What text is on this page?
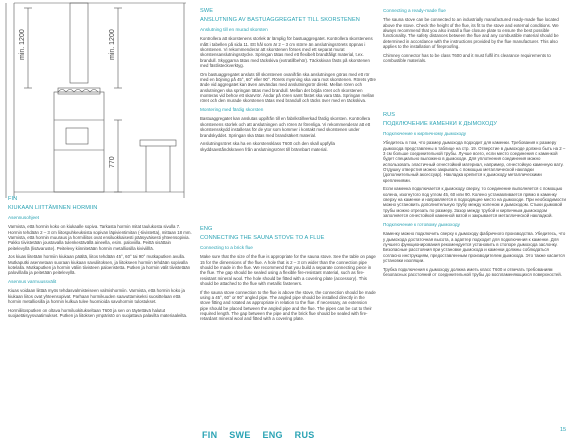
min. 1200	min. 1200
770

FIN

KIUKAAN LIITTÄMINEN HORMIIN

Asennusohjeet

Varmista, että hormin koko on kiukaalle sopiva. Tarkasta hormin mitat taulukosta sivulla 7. Hormin tehdään 2 – 3 cm liitospuhkeuksista sopivan läpivientimitan (-tiivistetta), mittaan 18 mm. Varmista, että hormin muuraus ja hormiliitos ovat ensiluokkaisesti pääsyväisesti yhteensopivia. Pakko tiivistetään joustavalla tulenkestävällä aineella, esim. paloviilla. Peittä sisättain peitelevyllä (lisävaruste). Peitelevy kiinnitetään hormin metalliosilla kiviviilllä.

Jos kiuas liitetään hormiin kiukaan päältä, liitos tehdään 45°, 60° tai 90° mutkaputken avulla. Mutkaputki asennetaan suoraan kiukaan savuliitoksen, ja liitokseen hormiin tehdään sopivalla kotelalla. Mutkaputken ja hormin väliin tiivisteen paloeristetta. Putken ja hormin välit tiivistetään palovillalla ja peitetään peitelevyllä.

Asennus varmuussvälit

Kiuas voidaan liittää myös tehdasvalmisteiseen valmishormiin. Varmista, että hormin koko ja kiukaan liitos ovat yhteensopivat. Parhaan hormikuuden saavuttamiseksi suosittelaan että hormin metalliosilla ja hormin kulkua tulee huomioida savuhormin tulostukset.

Hormiliitosputken on oltava hormiluokitukseltaan T600 ja sen on täytettävä halutut suojaetäisyysvaatimukset. Putken ja liitoksen ympäristö on suojattava palavilta materiaaleilta.

SWE

ANSLUTNING AV BASTUAGGREGATET TILL SKORSTENEN

Anslutning till en murad skorsten

Kontrollera att skorstenens storlek är lämplig för bastuaggregatet. Kontrollera skorstenens mått i tabellen på sida 11. Ett hål som är 2 – 3 cm större än anslutningsrörets öppnas i skorstenen. Vi rekommenderar att skorstenen förses med ett separat murat skorstensanslutningsstycke. Springan tätas med ett flexibelt brandtåligt material, t.ex. brandull. Skyggarna tätas med täckskiva (extratillbehör). Täckskivan fästs på skorstenen med fästlisteckverktyg.

Om bastuaggregatet ansluts till skorstenen ovanifrån ska anslutningen göras med ett rör med en böjning på 45°, 60° eller 90°. Rörets mynning ska vara mot skorstenen. Rörets yttre ände vid aggregatet kan även användas med anslutningsrör direkt. Mellan rören och anslutningen ska springan tätas med brandull. Mellan det böjda röret och skorstenen monteras vid behov ett skarvrör. Ändar på rören samt fästet ska vara täta. Springan mellan röret och den murade skorstenen tätas med brandull och täcks över med en täckskiva.

Montering med färdig skorsten

Bastuaggregatet kan anslutas uppifrån till en fabrikstillverkad färdig skorsten. Kontrollera skorstenens storlek och att anslutningen och rören är förenliga. Vi rekommenderar att ett skorstensskydd installeras för de ytor som kommer i kontakt med skorstenen under brandskyddet. Springan ska tätas med brandsäkert material.

Anslutningsröret ska ha en skorstensklass T600 och den skall uppfylla skyddsavståndskraven från anslutningsröret till brännbart material.

ENG

CONNECTING THE SAUNA STOVE TO A FLUE

Connecting to a brick flue

Make sure that the size of the flue is appropriate for the sauna stove. See the table on page 15 for the dimensions of the flue. A hole that is 2 – 3 cm wider than the connection pipe should be made in the flue. We recommend that you build a separate connecting piece in the flue. The gap should be sealed using a flexible fire-resistant material, such as fire-resistant mineral wool. The hole should be fitted with a covering plate (accessory). This should be attached to the flue with metallic fasteners.

If the sauna stove connection to the flue is above the stove, the connection should be made using a 45°, 60° or 90° angled pipe. The angled pipe should be installed directly in the stove fitting and rotated as appropriate in relation to the flue. If necessary, an extension pipe should be placed between the angled pipe and the flue. The pipes can be cut to their required length. The gap between the pipe and the brick flue should be sealed with fire-retardant mineral wool and fitted with a covering plate.

Connecting a ready-made flue

The sauna stove can be connected to an industrially manufactured ready-made flue located above the stove. Check the height of the flue, its fit to the stove and external conditions. We always recommend that you also install a flue closure plate to ensure the best possible functionality. The safety distances between the flue and any combustible material should be determined in accordance with the instructions provided by the flue manufacturer. This also applies to the installation of fireproofing.

Chimney connector has to be class T600 and it must fulfil it's clearance requirements to combustible materials.

RUS

ПОДКЛЮЧЕНИЕ КАМЕНКИ К ДЫМОХОДУ

Подключение к кирпичному дымоходу

Убедитесь в том, что размер дымохода подходит для каменки. Требования к размеру дымохода представлены в таблице на стр. 19. Отверстие в дымоходе должно быть на 2 – 3 см больше соединительной трубы. Лучше всего, если место соединения с каменкой будет специально выложено в дымоходе. Для уплотнения соединения можно использовать эластичный огнестойкий материал, например, огнестойкую каменную вату. Отдушку отверстия можно закрывать с помощью металлической накладки (дополнительный аксессуар). Накладка крепится к дымоходу металлическими креплениями.

Если каменка подключается к дымоходу сверху, то соединение выполняется с помощью колена, изогнутого под углом 45, 60 или 90. Колено устанавливается прямо в каменку сверху на каменке и направляется в подходящее место на дымоходе. При необходимости можно установить дополнительную трубу между коленом и дымоходом. Стыки дымовой трубы можно отрезать по размеру. Зазор между трубой и кирпичным дымоходом заполняется огнестойкой каменной ватой и закрывается металлической накладкой.

Подключение к готовому дымоходу

Каменку можно подключить сверху к дымоходу фабричного производства. Убедитесь, что у дымохода достаточная высота, а адаптер подходит для подключения к каменке. Для лучшего функционирования рекомендуется установить в стопоре дымохода заслонку. Безопасные расстояния при установке дымохода и каменки должны соблюдаться согласно инструкциям, предоставленным производителем дымохода. Это также касается установки изоляции.

Трубка подключения к дымоходу должна иметь класс T600 и отвечать требованиям безопасных расстояний от соединительной трубы до воспламеняющихся поверхностей.

FIN SWE ENG RUS	15
